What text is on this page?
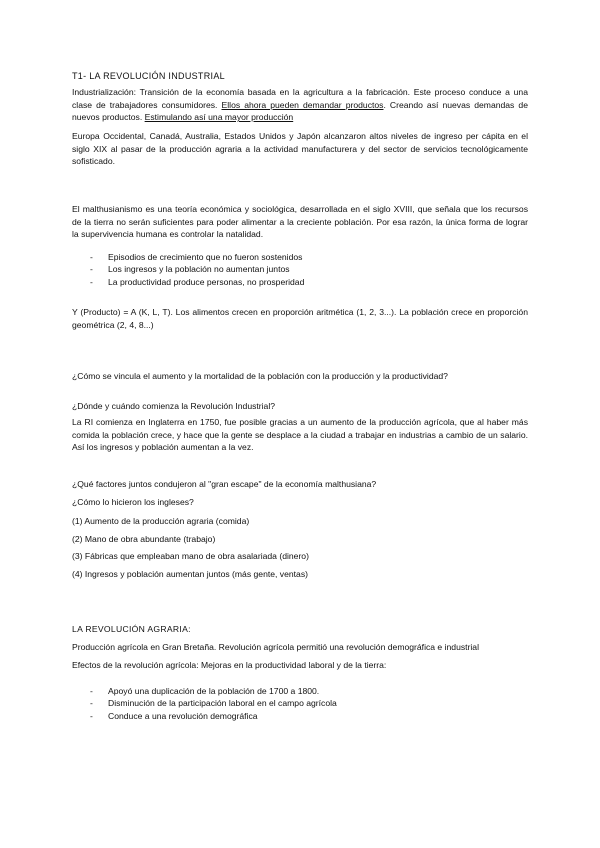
T1- LA REVOLUCIÓN INDUSTRIAL
Industrialización: Transición de la economía basada en la agricultura a la fabricación. Este proceso conduce a una clase de trabajadores consumidores. Ellos ahora pueden demandar productos. Creando así nuevas demandas de nuevos productos. Estimulando así una mayor producción
Europa Occidental, Canadá, Australia, Estados Unidos y Japón alcanzaron altos niveles de ingreso per cápita en el siglo XIX al pasar de la producción agraria a la actividad manufacturera y del sector de servicios tecnológicamente sofisticado.
El malthusianismo es una teoría económica y sociológica, desarrollada en el siglo XVIII, que señala que los recursos de la tierra no serán suficientes para poder alimentar a la creciente población. Por esa razón, la única forma de lograr la supervivencia humana es controlar la natalidad.
- Episodios de crecimiento que no fueron sostenidos
- Los ingresos y la población no aumentan juntos
- La productividad produce personas, no prosperidad
Y (Producto) = A (K, L, T). Los alimentos crecen en proporción aritmética (1, 2, 3...). La población crece en proporción geométrica (2, 4, 8...)
¿Cómo se vincula el aumento y la mortalidad de la población con la producción y la productividad?
¿Dónde y cuándo comienza la Revolución Industrial?
La RI comienza en Inglaterra en 1750, fue posible gracias a un aumento de la producción agrícola, que al haber más comida la población crece, y hace que la gente se desplace a la ciudad a trabajar en industrias a cambio de un salario. Así los ingresos y población aumentan a la vez.
¿Qué factores juntos condujeron al "gran escape" de la economía malthusiana?
¿Cómo lo hicieron los ingleses?
(1) Aumento de la producción agraria (comida)
(2) Mano de obra abundante (trabajo)
(3) Fábricas que empleaban mano de obra asalariada (dinero)
(4) Ingresos y población aumentan juntos (más gente, ventas)
LA REVOLUCIÓN AGRARIA:
Producción agrícola en Gran Bretaña. Revolución agrícola permitió una revolución demográfica e industrial
Efectos de la revolución agrícola: Mejoras en la productividad laboral y de la tierra:
- Apoyó una duplicación de la población de 1700 a 1800.
- Disminución de la participación laboral en el campo agrícola
- Conduce a una revolución demográfica
